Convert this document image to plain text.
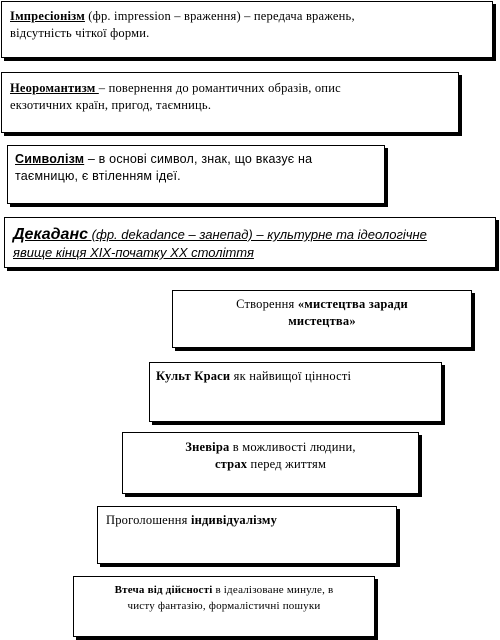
Імпресіонізм (фр. impression – враження) – передача вражень,
відсутність чіткої форми.
Неоромантизм – повернення до романтичних образів, опис
екзотичних країн, пригод, таємниць.
Символізм – в основі символ, знак, що вказує на
таємницю, є втіленням ідеї.
Декаданс (фр. dekadance – занепад) – культурне та ідеологічне
явище кінця ХІХ-початку ХХ століття
Створення «мистецтва заради
мистецтва»
Культ Краси як найвищої цінності
Зневіра в можливості людини,
страх перед життям
Проголошення індивідуалізму
Втеча від дійсності в ідеалізоване минуле, в
чисту фантазію, формалістичні пошуки
